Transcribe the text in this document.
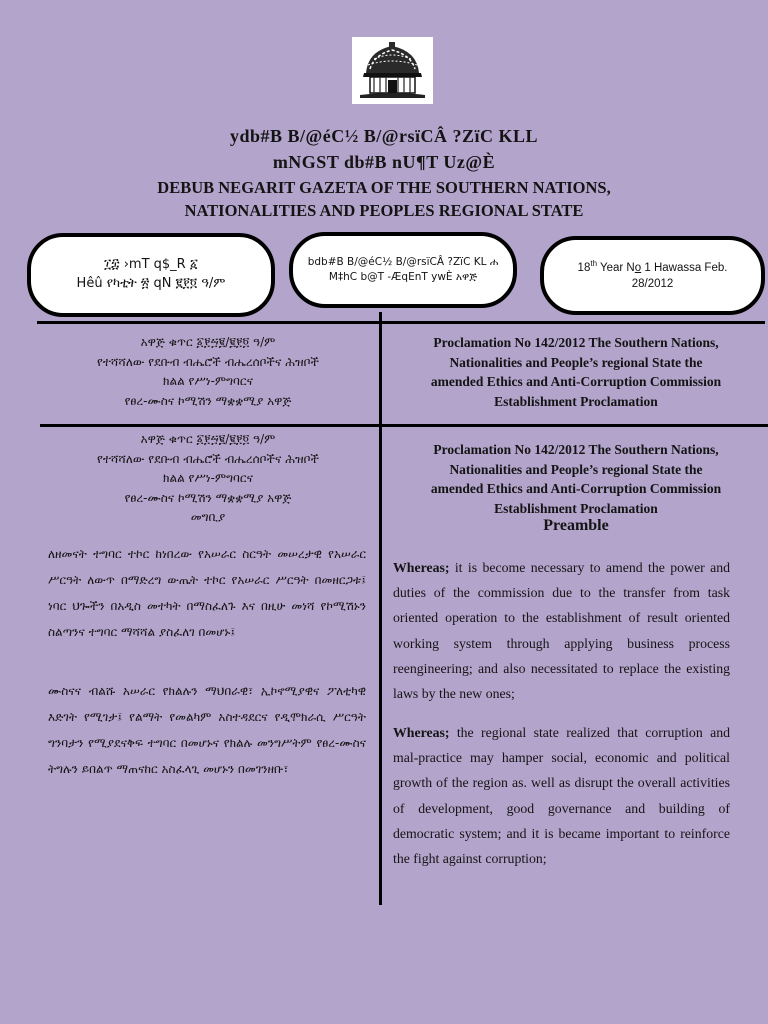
ydb#B B/@éC½ B/@rsïCÂ ?ZïC KLL
mNGST db#B nU¶T Uz@È
DEBUB NEGARIT GAZETA OF THE SOUTHERN NATIONS,
NATIONALITIES AND PEOPLES REGIONAL STATE
፲፰ ›mT q$_R ፩
Hêû የካቲት ፳ qN ፪፻፬ ዓ/ም
bdb#B B/@éC½ B/@rsïCÂ ?ZïC KL ሐ
M‡hC b@T -ÆqEnT ywÈ አዋጅ
18th Year No 1 Hawassa Feb.
28/2012
አዋጅ ቁጥር ፩፻፵፪/፪፻፬ ዓ/ም
የተሻሻለው የደቡብ ብሔሮች ብሔረሰቦችና ሕዝቦች
ክልል የሥነ-ምግባርና
የፀረ-ሙስና ኮሚሽን ማቋቋሚያ አዋጅ
Proclamation No 142/2012 The Southern Nations,
Nationalities and People’s regional State the
amended Ethics and Anti-Corruption Commission
Establishment Proclamation
አዋጅ ቁጥር ፩፻፵፪/፪፻፬ ዓ/ም
የተሻሻለው የደቡብ ብሔሮች ብሔረሰቦችና ሕዝቦች
ክልል የሥነ-ምግባርና
የፀረ-ሙስና ኮሚሽን ማቋቋሚያ አዋጅ
መግቢያ
Proclamation No 142/2012 The Southern Nations,
Nationalities and People’s regional State the
amended Ethics and Anti-Corruption Commission
Establishment Proclamation
Preamble
ለዘመናት ተግባር ተኮር ከነበረው የአሠራር ስርዓት መሠረታዊ የአሠራር ሥርዓት ለውጥ በማድረግ ውጤት ተኮር የአሠራር ሥርዓት በመዘርጋቱ፤ ነባር ህጐችን በአዲስ መተካት በማስፈለጉ እና በዚሁ መነሻ የኮሚሽኑን ስልጣንና ተግባር ማሻሻል ያስፈለገ በመሆኑ፤
ሙስናና ብልሹ አሠራር የክልሉን ማህበራዊ፣ ኢኮኖሚያዊና ፖለቲካዊ እድገት የሚገታ፤ የልማት የመልካም አስተዳደርና የዲሞክራሲ ሥርዓት ግንባታን የሚያደናቅፍ ተግባር በመሆኑና የክልሉ መንግሥትም የፀረ-ሙስና ትግሉን ይበልጥ ማጠናከር አስፈላጊ መሆኑን በመገንዘቡ፣
Whereas; it is become necessary to amend the power and duties of the commission due to the transfer from task oriented operation to the establishment of result oriented working system through applying business process reengineering; and also necessitated to replace the existing laws by the new ones;
Whereas; the regional state realized that corruption and mal-practice may hamper social, economic and political growth of the region as. well as disrupt the overall activities of development, good governance and building of democratic system; and it is became important to reinforce the fight against corruption;
